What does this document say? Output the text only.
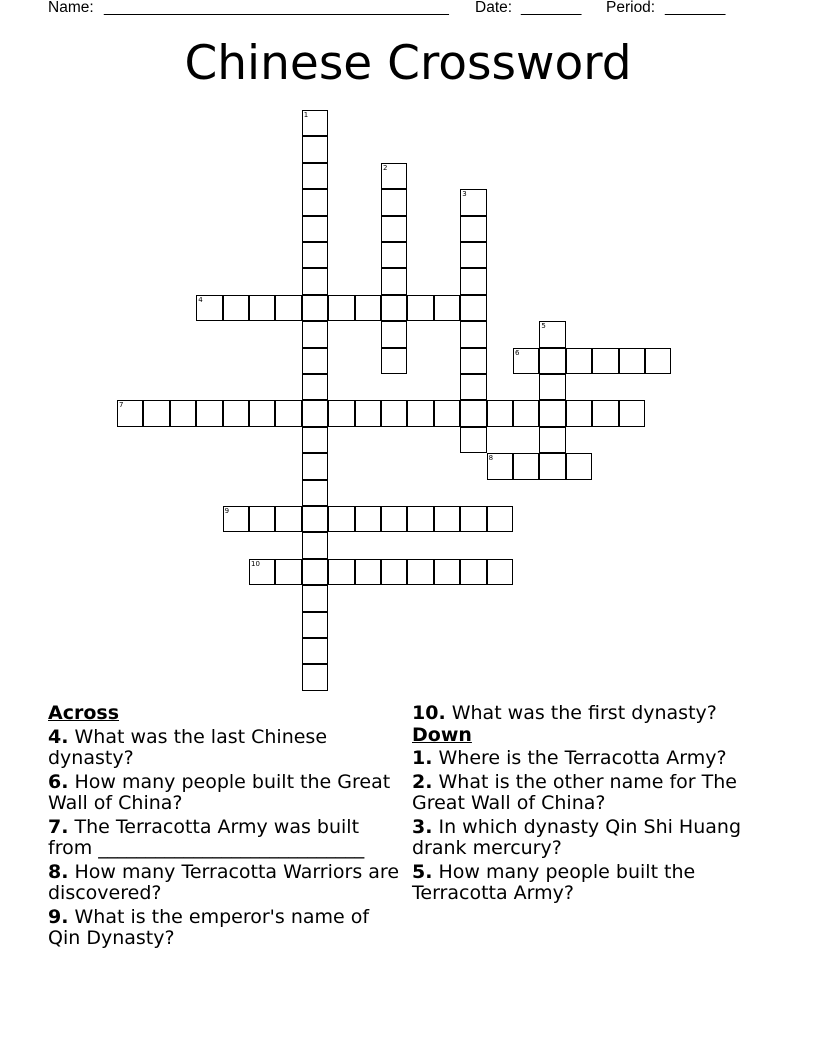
Name: ________________________________________ Date: _______ Period: _______
Chinese Crossword
1
2
3
4
5
6
7
8
9
10
Across
4. What was the last Chinese dynasty?
6. How many people built the Great Wall of China?
7. The Terracotta Army was built from ____________________________
8. How many Terracotta Warriors are discovered?
9. What is the emperor's name of Qin Dynasty?
10. What was the first dynasty?
Down
1. Where is the Terracotta Army?
2. What is the other name for The Great Wall of China?
3. In which dynasty Qin Shi Huang drank mercury?
5. How many people built the Terracotta Army?
